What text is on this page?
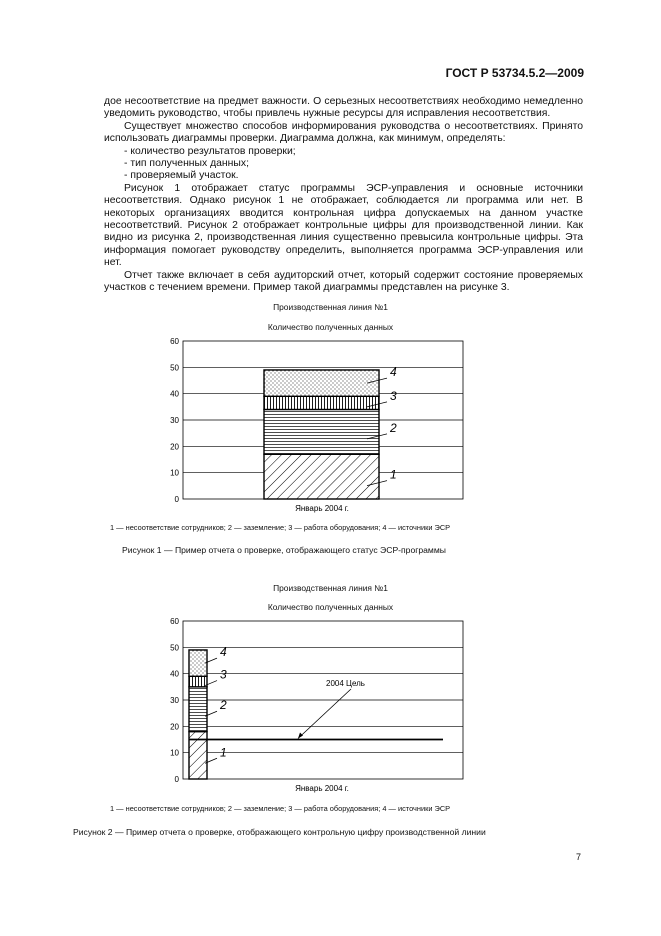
ГОСТ Р 53734.5.2—2009

дое несоответствие на предмет важности. О серьезных несоответствиях необходимо немедленно уведомить руководство, чтобы привлечь нужные ресурсы для исправления несоответствия.

Существует множество способов информирования руководства о несоответствиях. Принято использовать диаграммы проверки. Диаграмма должна, как минимум, определять:

- количество результатов проверки;

- тип полученных данных;

- проверяемый участок.

Рисунок 1 отображает статус программы ЭСР-управления и основные источники несоответствия. Однако рисунок 1 не отображает, соблюдается ли программа или нет. В некоторых организациях вводится контрольная цифра допускаемых на данном участке несоответствий. Рисунок 2 отображает контрольные цифры для производственной линии. Как видно из рисунка 2, производственная линия существенно превысила контрольные цифры. Эта информация помогает руководству определить, выполняется программа ЭСР-управления или нет.

Отчет также включает в себя аудиторский отчет, который содержит состояние проверяемых участков с течением времени. Пример такой диаграммы представлен на рисунке 3.

Производственная линия №1
Количество полученных данных
0
10
20
30
40
50
60
1
2
3
4
Январь 2004 г.
1 — несоответствие сотрудников; 2 — заземление; 3 — работа оборудования; 4 — источники ЭСР
Рисунок 1 — Пример отчета о проверке, отображающего статус ЭСР-программы
Производственная линия №1
Количество полученных данных
0
10
20
30
40
50
60
1
2
3
4
Январь 2004 г.
2004 Цель
1 — несоответствие сотрудников; 2 — заземление; 3 — работа оборудования; 4 — источники ЭСР
Рисунок 2 — Пример отчета о проверке, отображающего контрольную цифру производственной линии
7
